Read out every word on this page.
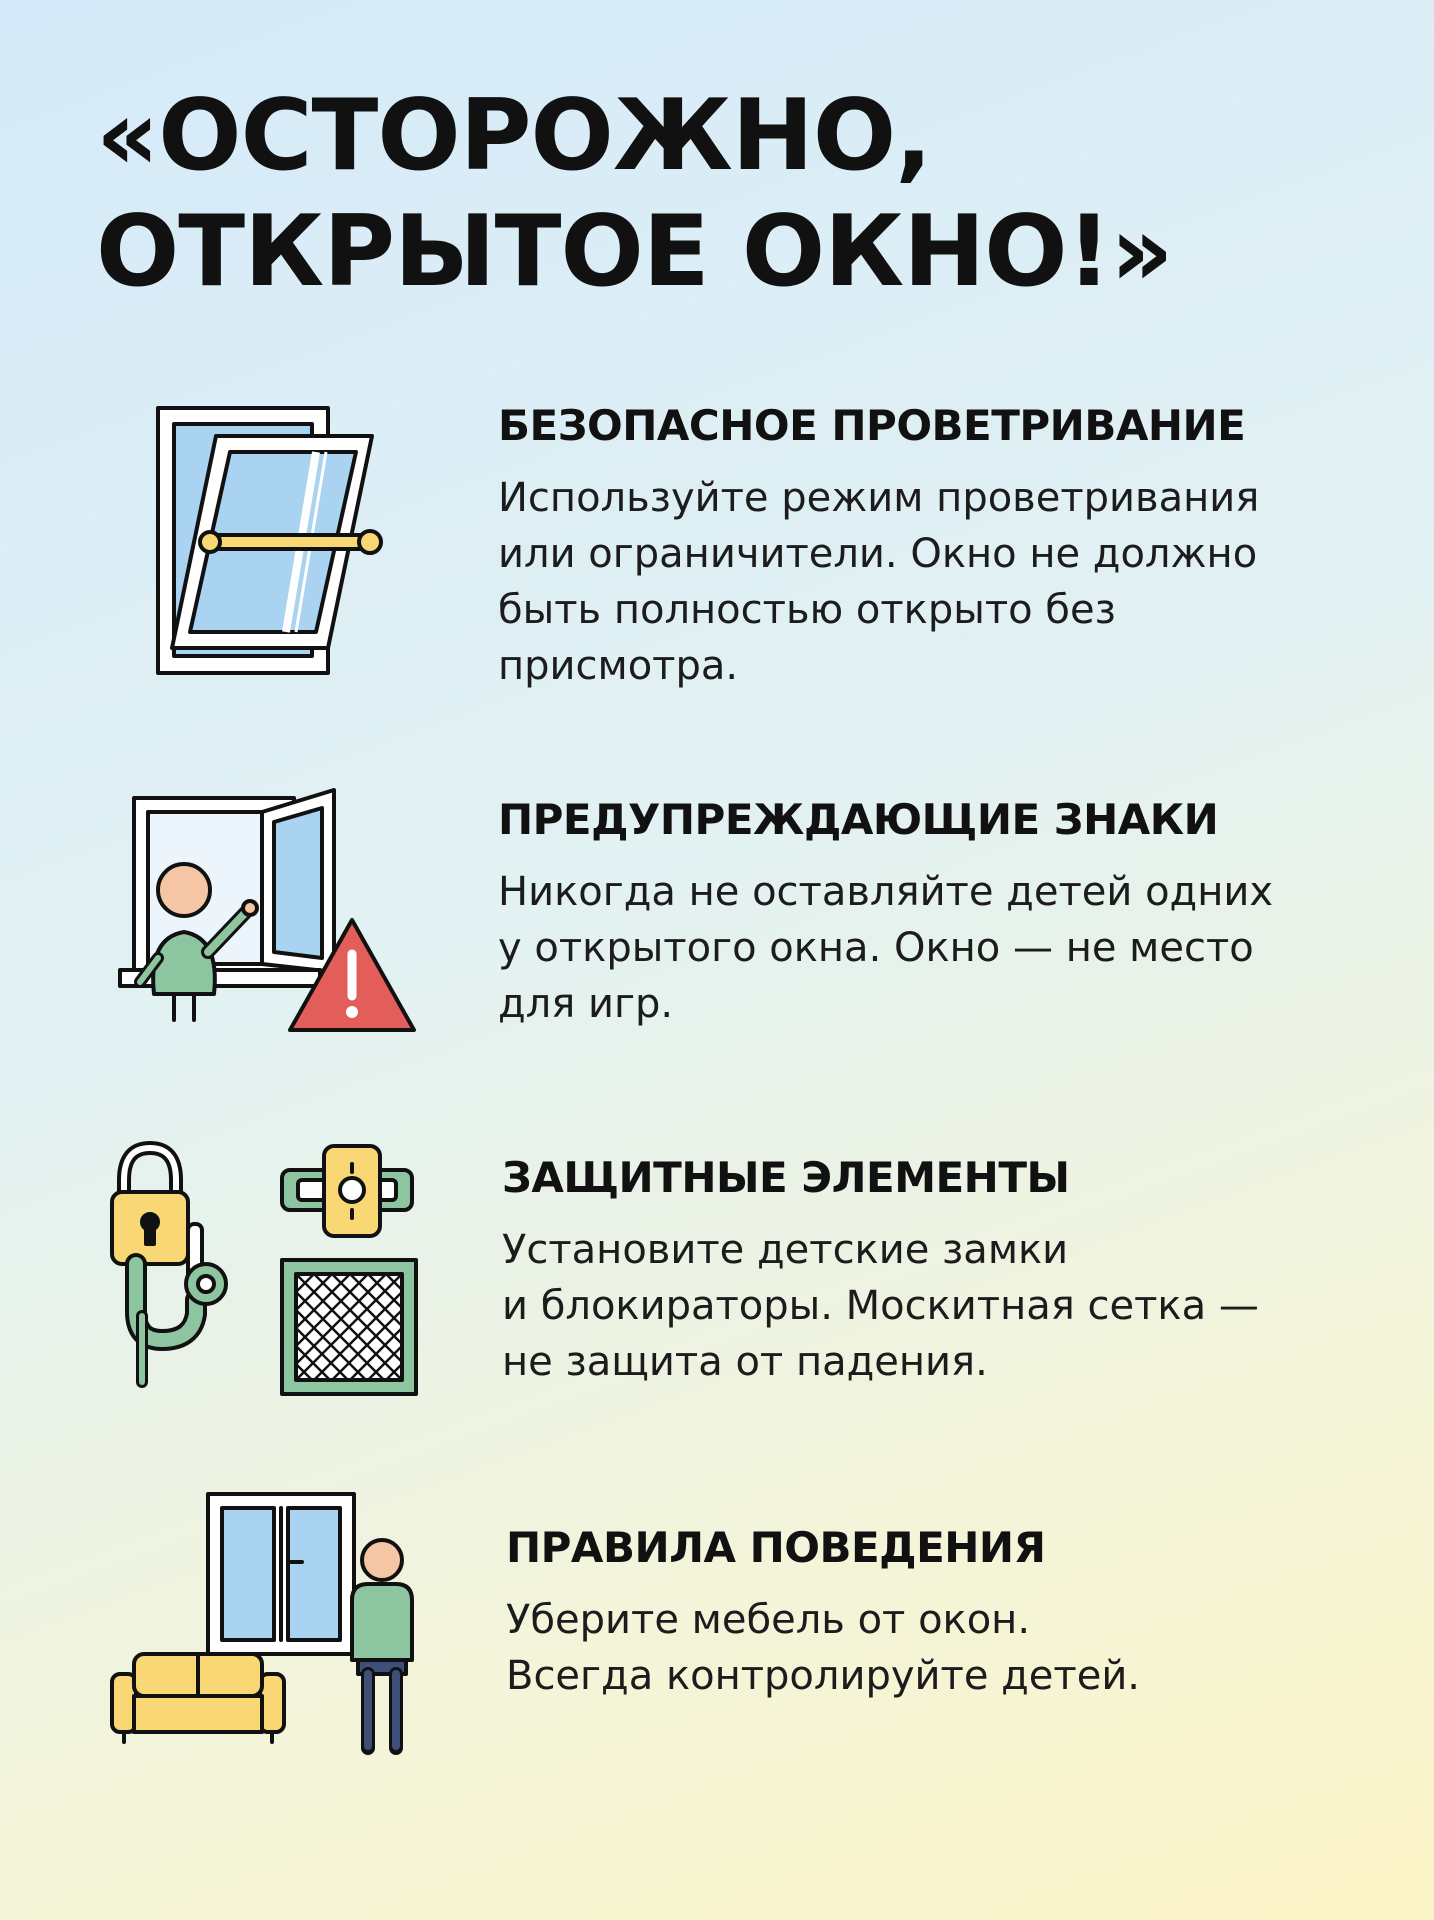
«ОСТОРОЖНО,
ОТКРЫТОЕ ОКНО!»
БЕЗОПАСНОЕ ПРОВЕТРИВАНИЕ

Используйте режим проветривания
или ограничители. Окно не должно
быть полностью открыто без
присмотра.

ПРЕДУПРЕЖДАЮЩИЕ ЗНАКИ

Никогда не оставляйте детей одних
у открытого окна. Окно — не место
для игр.

ЗАЩИТНЫЕ ЭЛЕМЕНТЫ

Установите детские замки
и блокираторы. Москитная сетка —
не защита от падения.

ПРАВИЛА ПОВЕДЕНИЯ

Уберите мебель от окон.
Всегда контролируйте детей.
